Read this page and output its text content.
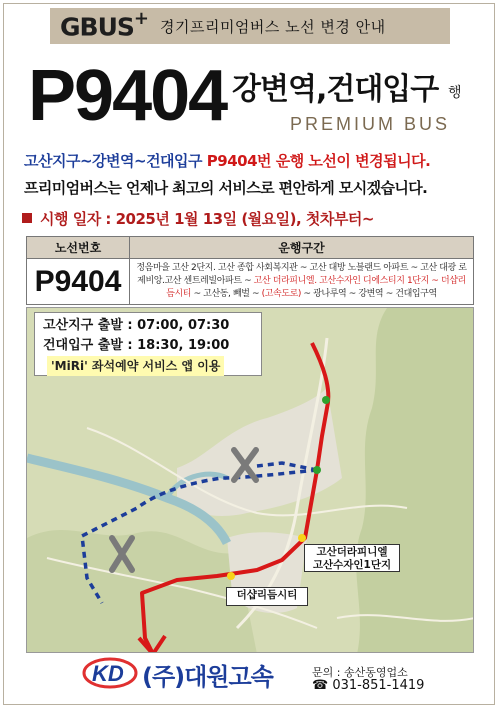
GBUS+ 경기프리미엄버스 노선 변경 안내
P9404 강변역,건대입구 행
PREMIUM BUS
고산지구~강변역~건대입구 P9404번 운행 노선이 변경됩니다.
프리미엄버스는 언제나 최고의 서비스로 편안하게 모시겠습니다.
시행 일자 : 2025년 1월 13일 (월요일), 첫차부터~
노선번호	운행구간
P9404	정음마을 고산 2단지. 고산 종합 사회복지관 ~ 고산 대방 노블랜드 아파트 ~ 고산 대광 로제비앙.고산 센트레빌아파트 ~ 고산 더라피니엘. 고산수자인 디에스티지 1단지 ~ 더샵리듬시티 ~ 고산동, 빼벌 ~ (고속도로) ~ 광나루역 ~ 강변역 ~ 건대입구역
고산지구 출발 : 07:00, 07:30
건대입구 출발 : 18:30, 19:00
'MiRi' 좌석예약 서비스 앱 이용
고산더라피니엘
고산수자인1단지
더샵리듬시티
KD (주)대원고속	문의 : 송산동영업소
☎ 031-851-1419
